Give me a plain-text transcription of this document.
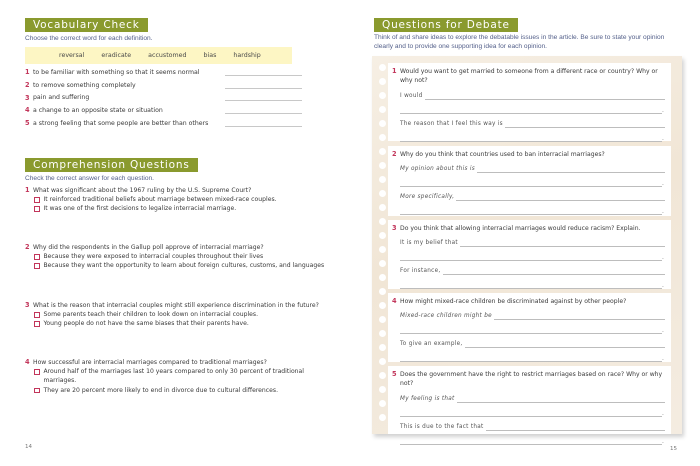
Vocabulary Check
Choose the correct word for each definition.
reversal	eradicate	accustomed	bias	hardship
1 to be familiar with something so that it seems normal
2 to remove something completely
3 pain and suffering
4 a change to an opposite state or situation
5 a strong feeling that some people are better than others
Comprehension Questions
Check the correct answer for each question.
1 What was significant about the 1967 ruling by the U.S. Supreme Court?
It reinforced traditional beliefs about marriage between mixed-race couples.
It was one of the first decisions to legalize interracial marriage.
2 Why did the respondents in the Gallup poll approve of interracial marriage?
Because they were exposed to interracial couples throughout their lives
Because they want the opportunity to learn about foreign cultures, customs, and languages
3 What is the reason that interracial couples might still experience discrimination in the future?
Some parents teach their children to look down on interracial couples.
Young people do not have the same biases that their parents have.
4 How successful are interracial marriages compared to traditional marriages?
Around half of the marriages last 10 years compared to only 30 percent of traditional marriages.
They are 20 percent more likely to end in divorce due to cultural differences.
14
Questions for Debate
Think of and share ideas to explore the debatable issues in the article. Be sure to state your opinion
clearly and to provide one supporting idea for each opinion.
1 Would you want to get married to someone from a different race or country? Why or why not?
I would
.
The reason that I feel this way is
.
2 Why do you think that countries used to ban interracial marriages?
My opinion about this is
.
More specifically,
.
3 Do you think that allowing interracial marriages would reduce racism? Explain.
It is my belief that
.
For instance,
.
4 How might mixed-race children be discriminated against by other people?
Mixed-race children might be
.
To give an example,
.
5 Does the government have the right to restrict marriages based on race? Why or why not?
My feeling is that
.
This is due to the fact that
.
15
